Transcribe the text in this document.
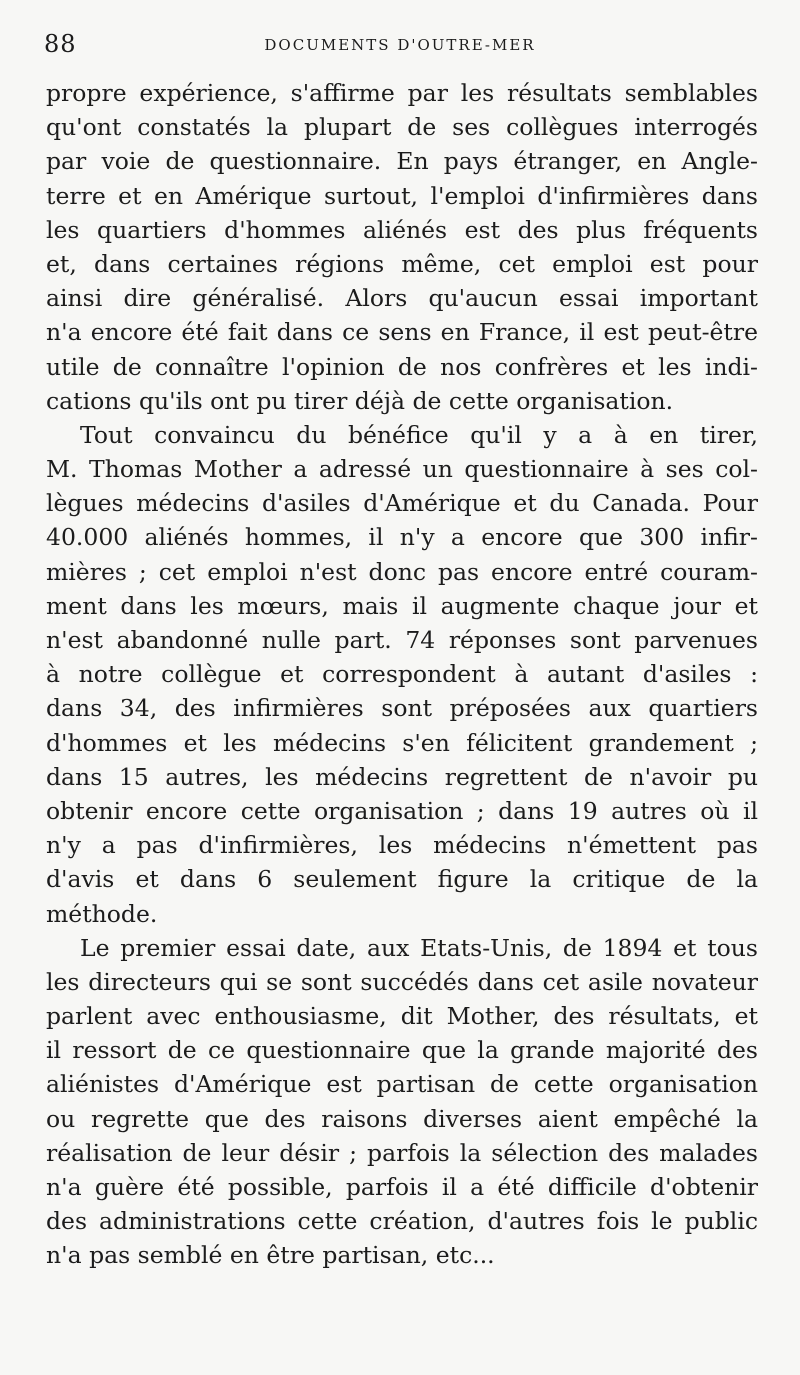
88	DOCUMENTS D'OUTRE-MER
propre expérience, s'affirme par les résultats semblables
qu'ont constatés la plupart de ses collègues interrogés
par voie de questionnaire. En pays étranger, en Angle-
terre et en Amérique surtout, l'emploi d'infirmières dans
les quartiers d'hommes aliénés est des plus fréquents
et, dans certaines régions même, cet emploi est pour
ainsi dire généralisé. Alors qu'aucun essai important
n'a encore été fait dans ce sens en France, il est peut-être
utile de connaître l'opinion de nos confrères et les indi-
cations qu'ils ont pu tirer déjà de cette organisation.
Tout convaincu du bénéfice qu'il y a à en tirer,
M. Thomas Mother a adressé un questionnaire à ses col-
lègues médecins d'asiles d'Amérique et du Canada. Pour
40.000 aliénés hommes, il n'y a encore que 300 infir-
mières ; cet emploi n'est donc pas encore entré couram-
ment dans les mœurs, mais il augmente chaque jour et
n'est abandonné nulle part. 74 réponses sont parvenues
à notre collègue et correspondent à autant d'asiles :
dans 34, des infirmières sont préposées aux quartiers
d'hommes et les médecins s'en félicitent grandement ;
dans 15 autres, les médecins regrettent de n'avoir pu
obtenir encore cette organisation ; dans 19 autres où il
n'y a pas d'infirmières, les médecins n'émettent pas
d'avis et dans 6 seulement figure la critique de la
méthode.
Le premier essai date, aux Etats-Unis, de 1894 et tous
les directeurs qui se sont succédés dans cet asile novateur
parlent avec enthousiasme, dit Mother, des résultats, et
il ressort de ce questionnaire que la grande majorité des
aliénistes d'Amérique est partisan de cette organisation
ou regrette que des raisons diverses aient empêché la
réalisation de leur désir ; parfois la sélection des malades
n'a guère été possible, parfois il a été difficile d'obtenir
des administrations cette création, d'autres fois le public
n'a pas semblé en être partisan, etc...
